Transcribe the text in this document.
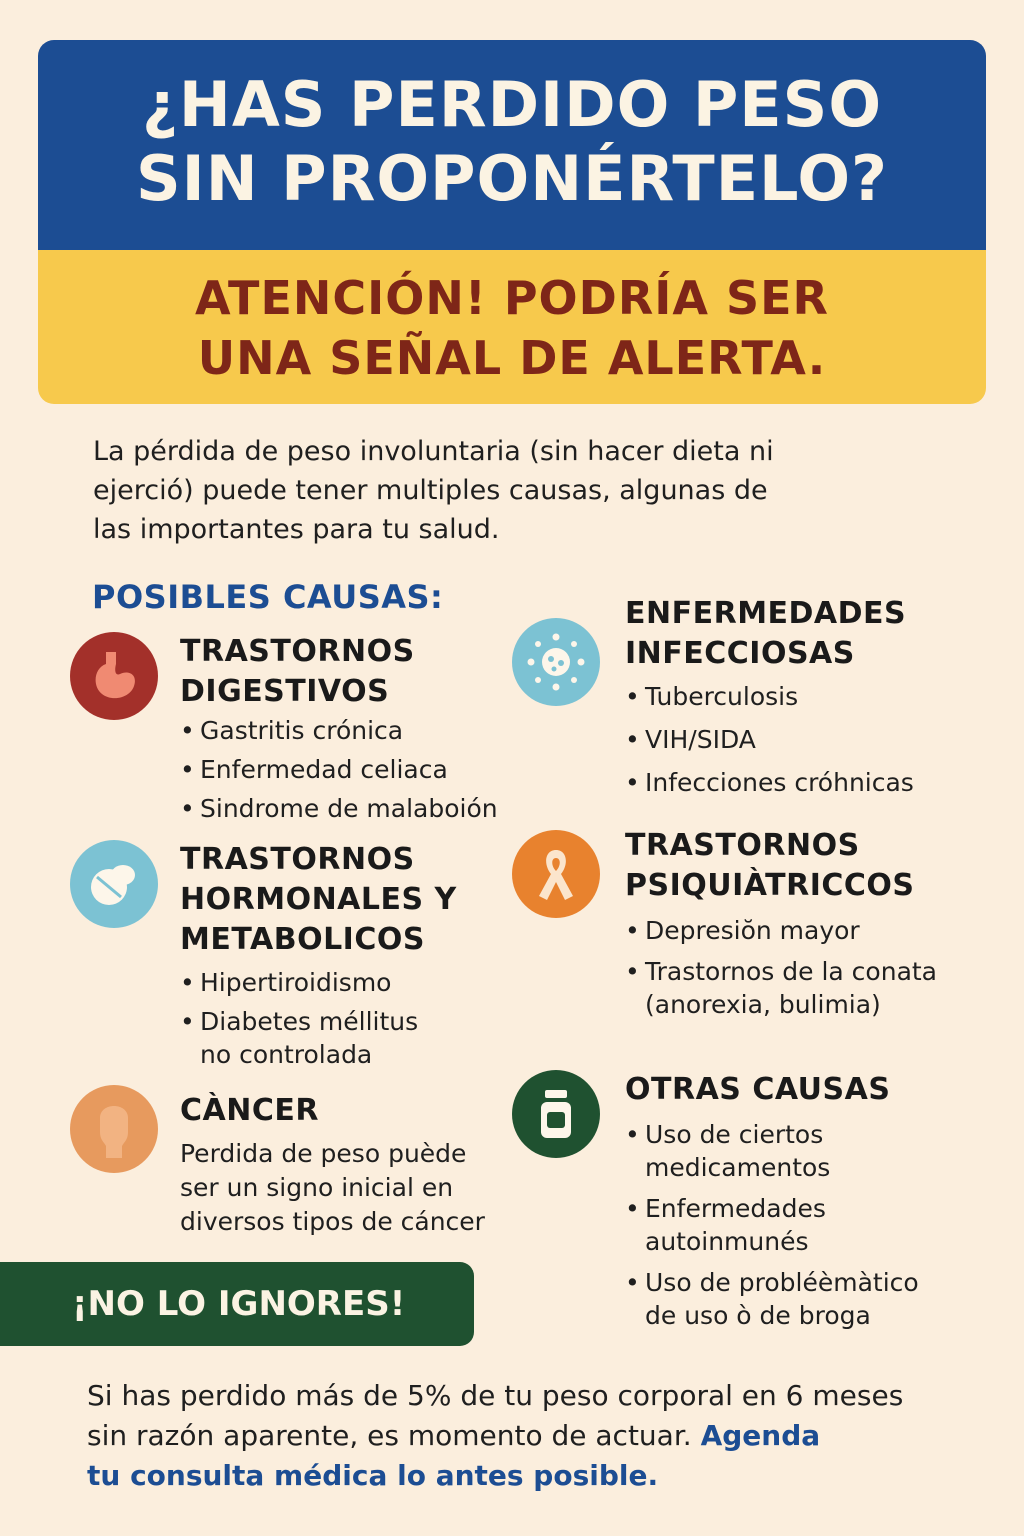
¿HAS PERDIDO PESO
SIN PROPONÉRTELO?
ATENCIÓN! PODRÍA SER
UNA SEÑAL DE ALERTA.
La pérdida de peso involuntaria (sin hacer dieta ni
ejerció) puede tener multiples causas, algunas de
las importantes para tu salud.
POSIBLES CAUSAS:
TRASTORNOS
DIGESTIVOS
• Gastritis crónica
• Enfermedad celiaca
• Sindrome de malaboión
TRASTORNOS
HORMONALES Y
METABOLICOS
• Hipertiroidismo
• Diabetes méllitus
no controlada
CÀNCER
Perdida de peso puède
ser un signo inicial en
diversos tipos de cáncer
ENFERMEDADES
INFECCIOSAS
• Tuberculosis
• VIH/SIDA
• Infecciones cróhnicas
TRASTORNOS
PSIQUIÀTRICCOS
• Depresiŏn mayor
• Trastornos de la conata
(anorexia, bulimia)
OTRAS CAUSAS
• Uso de ciertos
medicamentos
• Enfermedades
autoinmunés
• Uso de probléèmàtico
de uso ò de broga
¡NO LO IGNORES!
Si has perdido más de 5% de tu peso corporal en 6 meses
sin razón aparente, es momento de actuar. Agenda
tu consulta médica lo antes posible.
